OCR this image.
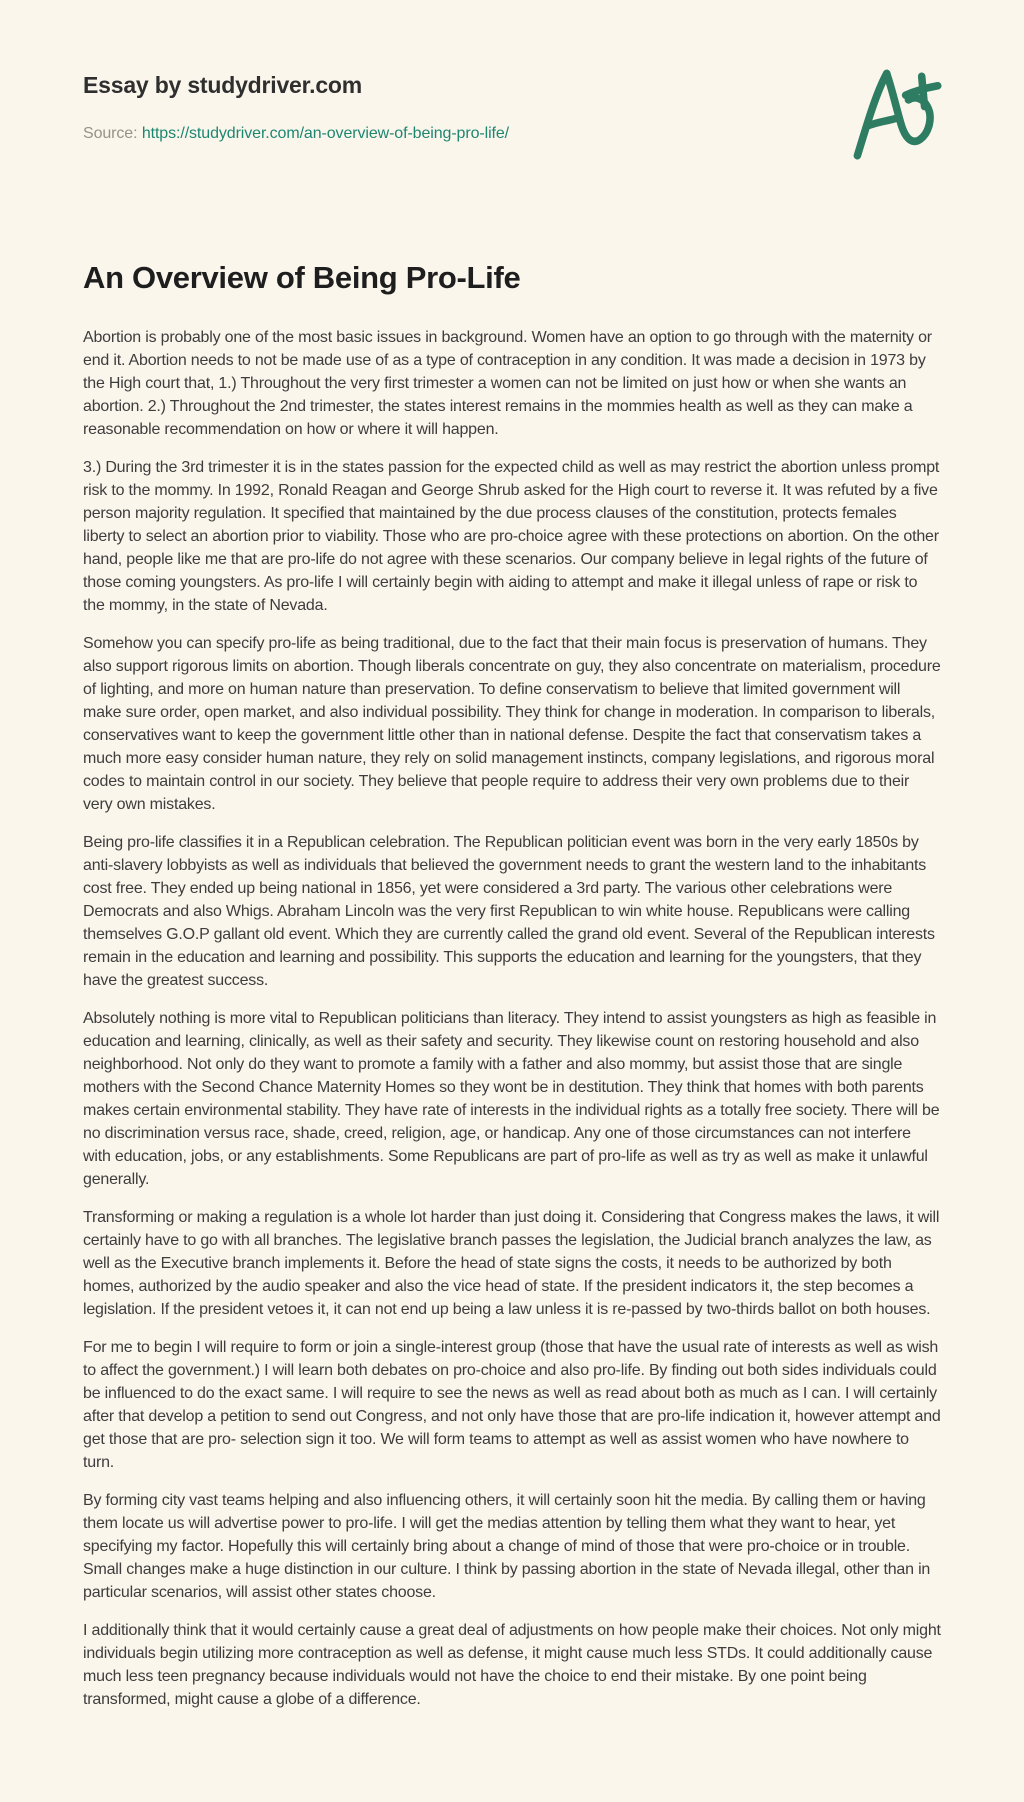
Essay by studydriver.com
Source: https://studydriver.com/an-overview-of-being-pro-life/
An Overview of Being Pro-Life

Abortion is probably one of the most basic issues in background. Women have an option to go through with the maternity or end it. Abortion needs to not be made use of as a type of contraception in any condition. It was made a decision in 1973 by the High court that, 1.) Throughout the very first trimester a women can not be limited on just how or when she wants an abortion. 2.) Throughout the 2nd trimester, the states interest remains in the mommies health as well as they can make a reasonable recommendation on how or where it will happen.

3.) During the 3rd trimester it is in the states passion for the expected child as well as may restrict the abortion unless prompt risk to the mommy. In 1992, Ronald Reagan and George Shrub asked for the High court to reverse it. It was refuted by a five person majority regulation. It specified that maintained by the due process clauses of the constitution, protects females liberty to select an abortion prior to viability. Those who are pro-choice agree with these protections on abortion. On the other hand, people like me that are pro-life do not agree with these scenarios. Our company believe in legal rights of the future of those coming youngsters. As pro-life I will certainly begin with aiding to attempt and make it illegal unless of rape or risk to the mommy, in the state of Nevada.

Somehow you can specify pro-life as being traditional, due to the fact that their main focus is preservation of humans. They also support rigorous limits on abortion. Though liberals concentrate on guy, they also concentrate on materialism, procedure of lighting, and more on human nature than preservation. To define conservatism to believe that limited government will make sure order, open market, and also individual possibility. They think for change in moderation. In comparison to liberals, conservatives want to keep the government little other than in national defense. Despite the fact that conservatism takes a much more easy consider human nature, they rely on solid management instincts, company legislations, and rigorous moral codes to maintain control in our society. They believe that people require to address their very own problems due to their very own mistakes.

Being pro-life classifies it in a Republican celebration. The Republican politician event was born in the very early 1850s by anti-slavery lobbyists as well as individuals that believed the government needs to grant the western land to the inhabitants cost free. They ended up being national in 1856, yet were considered a 3rd party. The various other celebrations were Democrats and also Whigs. Abraham Lincoln was the very first Republican to win white house. Republicans were calling themselves G.O.P gallant old event. Which they are currently called the grand old event. Several of the Republican interests remain in the education and learning and possibility. This supports the education and learning for the youngsters, that they have the greatest success.

Absolutely nothing is more vital to Republican politicians than literacy. They intend to assist youngsters as high as feasible in education and learning, clinically, as well as their safety and security. They likewise count on restoring household and also neighborhood. Not only do they want to promote a family with a father and also mommy, but assist those that are single mothers with the Second Chance Maternity Homes so they wont be in destitution. They think that homes with both parents makes certain environmental stability. They have rate of interests in the individual rights as a totally free society. There will be no discrimination versus race, shade, creed, religion, age, or handicap. Any one of those circumstances can not interfere with education, jobs, or any establishments. Some Republicans are part of pro-life as well as try as well as make it unlawful generally.

Transforming or making a regulation is a whole lot harder than just doing it. Considering that Congress makes the laws, it will certainly have to go with all branches. The legislative branch passes the legislation, the Judicial branch analyzes the law, as well as the Executive branch implements it. Before the head of state signs the costs, it needs to be authorized by both homes, authorized by the audio speaker and also the vice head of state. If the president indicators it, the step becomes a legislation. If the president vetoes it, it can not end up being a law unless it is re-passed by two-thirds ballot on both houses.

For me to begin I will require to form or join a single-interest group (those that have the usual rate of interests as well as wish to affect the government.) I will learn both debates on pro-choice and also pro-life. By finding out both sides individuals could be influenced to do the exact same. I will require to see the news as well as read about both as much as I can. I will certainly after that develop a petition to send out Congress, and not only have those that are pro-life indication it, however attempt and get those that are pro- selection sign it too. We will form teams to attempt as well as assist women who have nowhere to turn.

By forming city vast teams helping and also influencing others, it will certainly soon hit the media. By calling them or having them locate us will advertise power to pro-life. I will get the medias attention by telling them what they want to hear, yet specifying my factor. Hopefully this will certainly bring about a change of mind of those that were pro-choice or in trouble. Small changes make a huge distinction in our culture. I think by passing abortion in the state of Nevada illegal, other than in particular scenarios, will assist other states choose.

I additionally think that it would certainly cause a great deal of adjustments on how people make their choices. Not only might individuals begin utilizing more contraception as well as defense, it might cause much less STDs. It could additionally cause much less teen pregnancy because individuals would not have the choice to end their mistake. By one point being transformed, might cause a globe of a difference.
